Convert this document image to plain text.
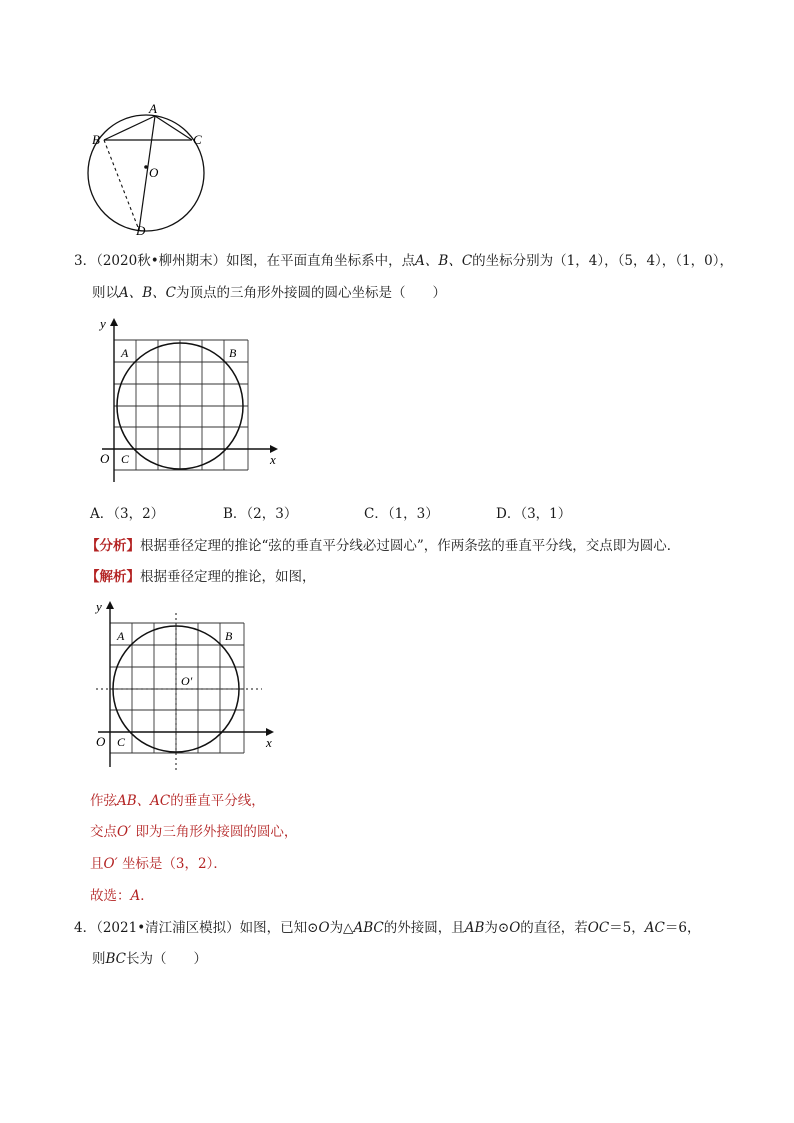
A
B	C
O
D
3．（2020秋•柳州期末）如图，在平面直角坐标系中，点A、B、C的坐标分别为（1，4），（5，4），（1，0），
则以A、B、C为顶点的三角形外接圆的圆心坐标是（　　）
y
x
O
A	B
C
A．（3，2）	B．（2，3）	C．（1，3）	D．（3，1）
【分析】根据垂径定理的推论“弦的垂直平分线必过圆心”，作两条弦的垂直平分线，交点即为圆心．
【解析】根据垂径定理的推论，如图，
y
x
O
A	B
C
O′
作弦AB、AC的垂直平分线，
交点O′ 即为三角形外接圆的圆心，
且O′ 坐标是（3，2）．
故选：A．
4．（2021•清江浦区模拟）如图，已知⊙O为△ABC的外接圆，且AB为⊙O的直径，若OC＝5，AC＝6，
则BC长为（　　）
